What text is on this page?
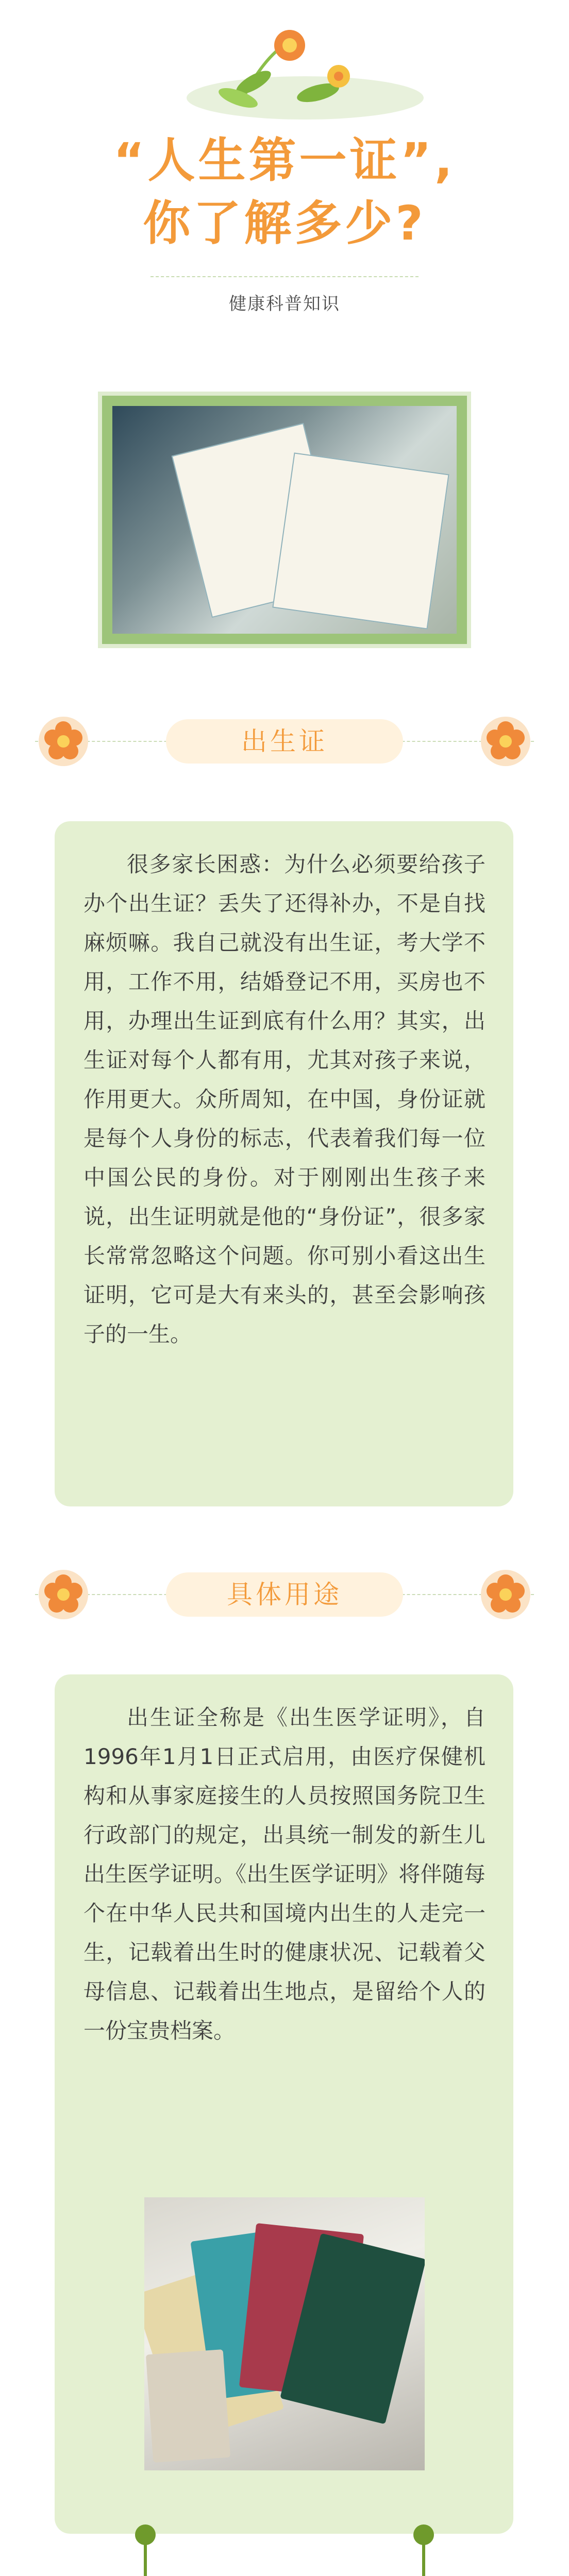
“人生第一证”,
你了解多少?
健康科普知识
出生证
很多家长困惑：为什么必须要给孩子办个出生证？丢失了还得补办，不是自找麻烦嘛。我自己就没有出生证，考大学不用，工作不用，结婚登记不用，买房也不用，办理出生证到底有什么用？其实，出生证对每个人都有用，尤其对孩子来说，作用更大。众所周知，在中国，身份证就是每个人身份的标志，代表着我们每一位中国公民的身份。对于刚刚出生孩子来说，出生证明就是他的“身份证”，很多家长常常忽略这个问题。你可别小看这出生证明，它可是大有来头的，甚至会影响孩子的一生。
具体用途
出生证全称是《出生医学证明》，自1996年1月1日正式启用，由医疗保健机构和从事家庭接生的人员按照国务院卫生行政部门的规定，出具统一制发的新生儿出生医学证明。《出生医学证明》将伴随每个在中华人民共和国境内出生的人走完一生，记载着出生时的健康状况、记载着父母信息、记载着出生地点，是留给个人的一份宝贵档案。
